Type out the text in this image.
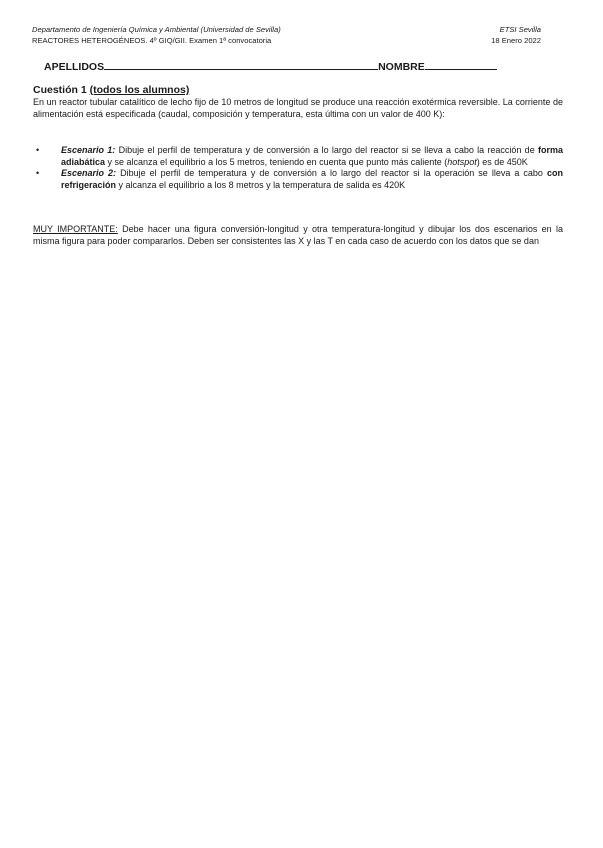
Departamento de Ingeniería Química y Ambiental (Universidad de Sevilla)
REACTORES HETEROGÉNEOS. 4º GIQ/GII. Examen 1ª convocatoria
ETSI Sevilla
18 Enero 2022
APELLIDOS	NOMBRE
Cuestión 1 (todos los alumnos)
En un reactor tubular catalítico de lecho fijo de 10 metros de longitud se produce una reacción exotérmica reversible. La corriente de alimentación está especificada (caudal, composición y temperatura, esta última con un valor de 400 K):
• Escenario 1: Dibuje el perfil de temperatura y de conversión a lo largo del reactor si se lleva a cabo la reacción de forma adiabática y se alcanza el equilibrio a los 5 metros, teniendo en cuenta que punto más caliente (hotspot) es de 450K
• Escenario 2: Dibuje el perfil de temperatura y de conversión a lo largo del reactor si la operación se lleva a cabo con refrigeración y alcanza el equilibrio a los 8 metros y la temperatura de salida es 420K
MUY IMPORTANTE: Debe hacer una figura conversión-longitud y otra temperatura-longitud y dibujar los dos escenarios en la misma figura para poder compararlos. Deben ser consistentes las X y las T en cada caso de acuerdo con los datos que se dan
